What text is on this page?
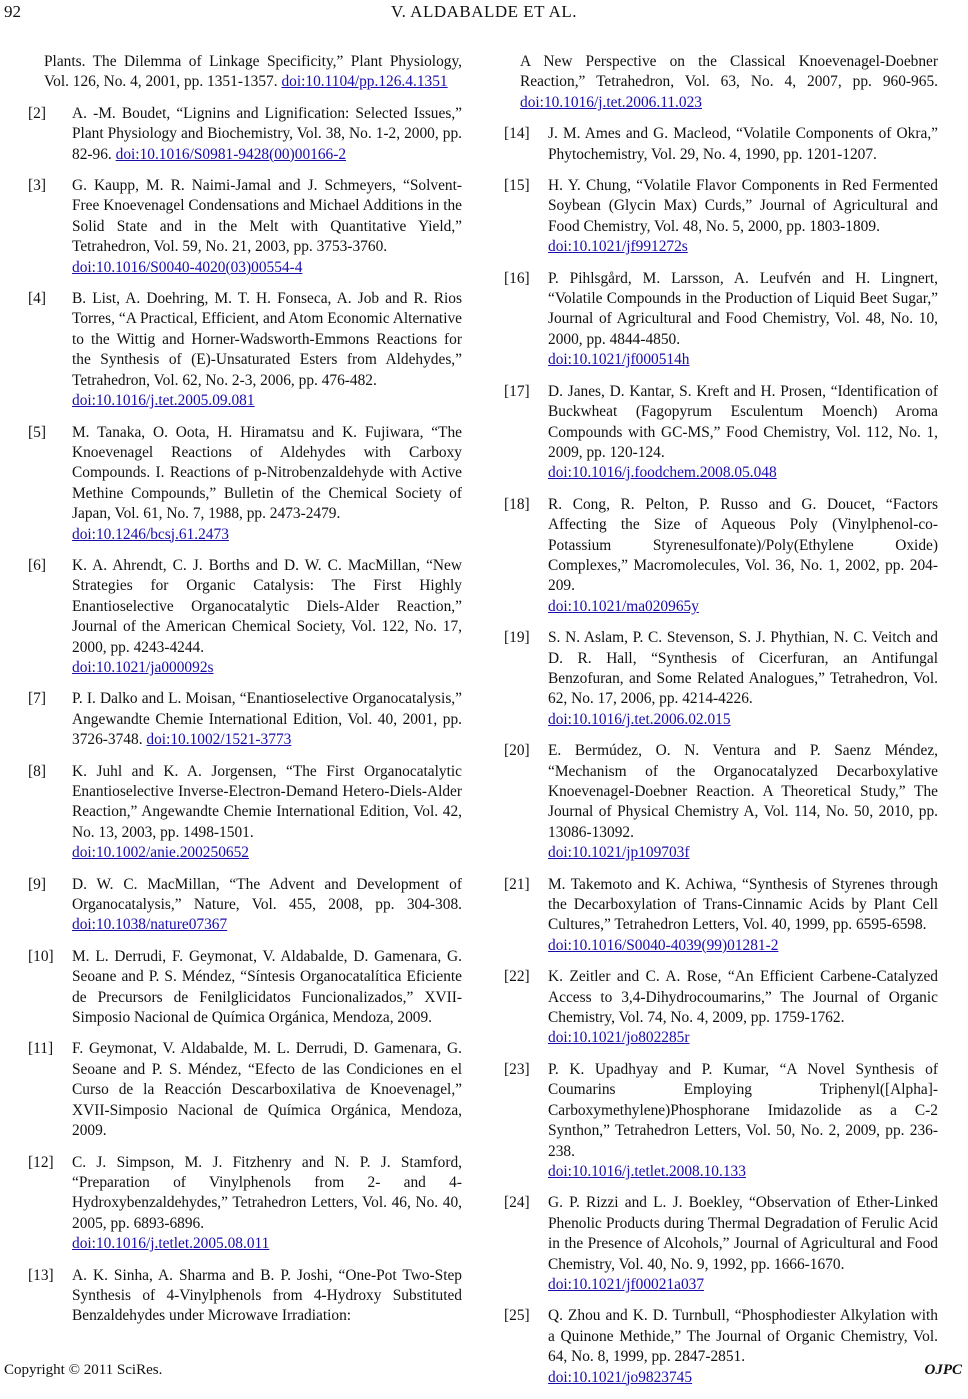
92	V. ALDABALDE ET AL.
Plants. The Dilemma of Linkage Specificity,” Plant Physiology, Vol. 126, No. 4, 2001, pp. 1351-1357. doi:10.1104/pp.126.4.1351
[2] A. -M. Boudet, “Lignins and Lignification: Selected Issues,” Plant Physiology and Biochemistry, Vol. 38, No. 1-2, 2000, pp. 82-96. doi:10.1016/S0981-9428(00)00166-2
[3] G. Kaupp, M. R. Naimi-Jamal and J. Schmeyers, “Solvent-Free Knoevenagel Condensations and Michael Additions in the Solid State and in the Melt with Quantitative Yield,” Tetrahedron, Vol. 59, No. 21, 2003, pp. 3753-3760.
doi:10.1016/S0040-4020(03)00554-4
[4] B. List, A. Doehring, M. T. H. Fonseca, A. Job and R. Rios Torres, “A Practical, Efficient, and Atom Economic Alternative to the Wittig and Horner-Wadsworth-Emmons Reactions for the Synthesis of (E)-Unsaturated Esters from Aldehydes,” Tetrahedron, Vol. 62, No. 2-3, 2006, pp. 476-482.
doi:10.1016/j.tet.2005.09.081
[5] M. Tanaka, O. Oota, H. Hiramatsu and K. Fujiwara, “The Knoevenagel Reactions of Aldehydes with Carboxy Compounds. I. Reactions of p-Nitrobenzaldehyde with Active Methine Compounds,” Bulletin of the Chemical Society of Japan, Vol. 61, No. 7, 1988, pp. 2473-2479.
doi:10.1246/bcsj.61.2473
[6] K. A. Ahrendt, C. J. Borths and D. W. C. MacMillan, “New Strategies for Organic Catalysis: The First Highly Enantioselective Organocatalytic Diels-Alder Reaction,” Journal of the American Chemical Society, Vol. 122, No. 17, 2000, pp. 4243-4244.
doi:10.1021/ja000092s
[7] P. I. Dalko and L. Moisan, “Enantioselective Organocatalysis,” Angewandte Chemie International Edition, Vol. 40, 2001, pp. 3726-3748. doi:10.1002/1521-3773
[8] K. Juhl and K. A. Jorgensen, “The First Organocatalytic Enantioselective Inverse-Electron-Demand Hetero-Diels-Alder Reaction,” Angewandte Chemie International Edition, Vol. 42, No. 13, 2003, pp. 1498-1501.
doi:10.1002/anie.200250652
[9] D. W. C. MacMillan, “The Advent and Development of Organocatalysis,” Nature, Vol. 455, 2008, pp. 304-308. doi:10.1038/nature07367
[10] M. L. Derrudi, F. Geymonat, V. Aldabalde, D. Gamenara, G. Seoane and P. S. Méndez, “Síntesis Organocatalítica Eficiente de Precursors de Fenilglicidatos Funcionalizados,” XVII-Simposio Nacional de Química Orgánica, Mendoza, 2009.
[11] F. Geymonat, V. Aldabalde, M. L. Derrudi, D. Gamenara, G. Seoane and P. S. Méndez, “Efecto de las Condiciones en el Curso de la Reacción Descarboxilativa de Knoevenagel,” XVII-Simposio Nacional de Química Orgánica, Mendoza, 2009.
[12] C. J. Simpson, M. J. Fitzhenry and N. P. J. Stamford, “Preparation of Vinylphenols from 2- and 4-Hydroxybenzaldehydes,” Tetrahedron Letters, Vol. 46, No. 40, 2005, pp. 6893-6896.
doi:10.1016/j.tetlet.2005.08.011
[13] A. K. Sinha, A. Sharma and B. P. Joshi, “One-Pot Two-Step Synthesis of 4-Vinylphenols from 4-Hydroxy Substituted Benzaldehydes under Microwave Irradiation:
A New Perspective on the Classical Knoevenagel-Doebner Reaction,” Tetrahedron, Vol. 63, No. 4, 2007, pp. 960-965. doi:10.1016/j.tet.2006.11.023
[14] J. M. Ames and G. Macleod, “Volatile Components of Okra,” Phytochemistry, Vol. 29, No. 4, 1990, pp. 1201-1207.
[15] H. Y. Chung, “Volatile Flavor Components in Red Fermented Soybean (Glycin Max) Curds,” Journal of Agricultural and Food Chemistry, Vol. 48, No. 5, 2000, pp. 1803-1809.
doi:10.1021/jf991272s
[16] P. Pihlsgård, M. Larsson, A. Leufvén and H. Lingnert, “Volatile Compounds in the Production of Liquid Beet Sugar,” Journal of Agricultural and Food Chemistry, Vol. 48, No. 10, 2000, pp. 4844-4850.
doi:10.1021/jf000514h
[17] D. Janes, D. Kantar, S. Kreft and H. Prosen, “Identification of Buckwheat (Fagopyrum Esculentum Moench) Aroma Compounds with GC-MS,” Food Chemistry, Vol. 112, No. 1, 2009, pp. 120-124.
doi:10.1016/j.foodchem.2008.05.048
[18] R. Cong, R. Pelton, P. Russo and G. Doucet, “Factors Affecting the Size of Aqueous Poly (Vinylphenol-co-Potassium Styrenesulfonate)/Poly(Ethylene Oxide) Complexes,” Macromolecules, Vol. 36, No. 1, 2002, pp. 204-209.
doi:10.1021/ma020965y
[19] S. N. Aslam, P. C. Stevenson, S. J. Phythian, N. C. Veitch and D. R. Hall, “Synthesis of Cicerfuran, an Antifungal Benzofuran, and Some Related Analogues,” Tetrahedron, Vol. 62, No. 17, 2006, pp. 4214-4226.
doi:10.1016/j.tet.2006.02.015
[20] E. Bermúdez, O. N. Ventura and P. Saenz Méndez, “Mechanism of the Organocatalyzed Decarboxylative Knoevenagel-Doebner Reaction. A Theoretical Study,” The Journal of Physical Chemistry A, Vol. 114, No. 50, 2010, pp. 13086-13092.
doi:10.1021/jp109703f
[21] M. Takemoto and K. Achiwa, “Synthesis of Styrenes through the Decarboxylation of Trans-Cinnamic Acids by Plant Cell Cultures,” Tetrahedron Letters, Vol. 40, 1999, pp. 6595-6598.
doi:10.1016/S0040-4039(99)01281-2
[22] K. Zeitler and C. A. Rose, “An Efficient Carbene-Catalyzed Access to 3,4-Dihydrocoumarins,” The Journal of Organic Chemistry, Vol. 74, No. 4, 2009, pp. 1759-1762.
doi:10.1021/jo802285r
[23] P. K. Upadhyay and P. Kumar, “A Novel Synthesis of Coumarins Employing Triphenyl([Alpha]-Carboxymethylene)Phosphorane Imidazolide as a C-2 Synthon,” Tetrahedron Letters, Vol. 50, No. 2, 2009, pp. 236-238.
doi:10.1016/j.tetlet.2008.10.133
[24] G. P. Rizzi and L. J. Boekley, “Observation of Ether-Linked Phenolic Products during Thermal Degradation of Ferulic Acid in the Presence of Alcohols,” Journal of Agricultural and Food Chemistry, Vol. 40, No. 9, 1992, pp. 1666-1670.
doi:10.1021/jf00021a037
[25] Q. Zhou and K. D. Turnbull, “Phosphodiester Alkylation with a Quinone Methide,” The Journal of Organic Chemistry, Vol. 64, No. 8, 1999, pp. 2847-2851.
doi:10.1021/jo9823745
Copyright © 2011 SciRes.	OJPC
